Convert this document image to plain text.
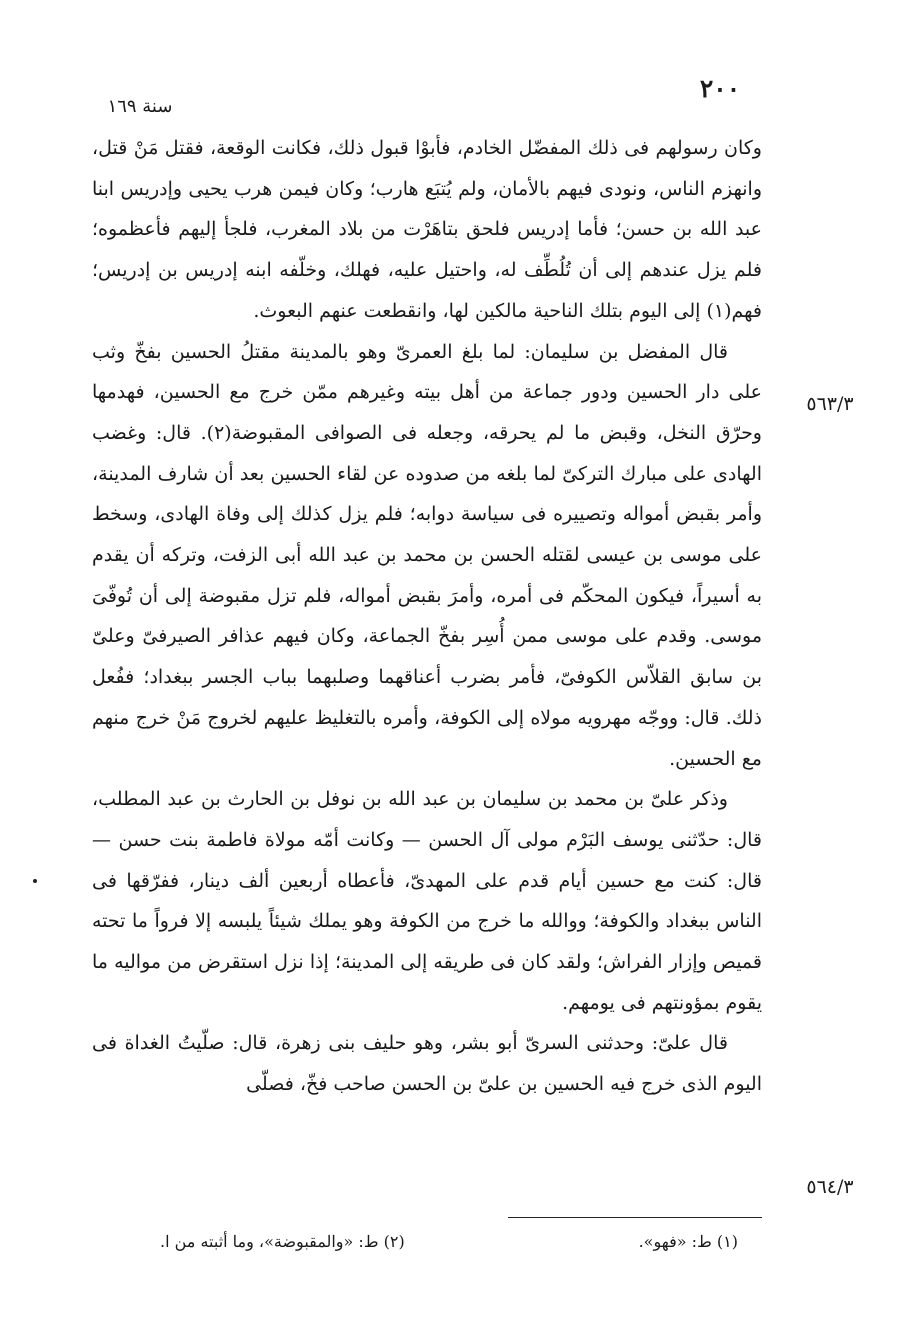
٢٠٠
سنة ١٦٩
٥٦٣/٣
٥٦٤/٣

وكان رسولهم فى ذلك المفضّل الخادم، فأبوْا قبول ذلك، فكانت الوقعة، فقتل مَنْ قتل، وانهزم الناس، ونودى فيهم بالأمان، ولم يُتبَع هارب؛ وكان فيمن هرب يحيى وإدريس ابنا عبد الله بن حسن؛ فأما إدريس فلحق بتاهَرْت من بلاد المغرب، فلجأ إليهم فأعظموه؛ فلم يزل عندهم إلى أن تُلُطِّف له، واحتيل عليه، فهلك، وخلّفه ابنه إدريس بن إدريس؛ فهم(١) إلى اليوم بتلك الناحية مالكين لها، وانقطعت عنهم البعوث.

قال المفضل بن سليمان: لما بلغ العمرىّ وهو بالمدينة مقتلُ الحسين بفخّ وثب على دار الحسين ودور جماعة من أهل بيته وغيرهم ممّن خرج مع الحسين، فهدمها وحرّق النخل، وقبض ما لم يحرقه، وجعله فى الصوافى المقبوضة(٢). قال: وغضب الهادى على مبارك التركىّ لما بلغه من صدوده عن لقاء الحسين بعد أن شارف المدينة، وأمر بقبض أمواله وتصييره فى سياسة دوابه؛ فلم يزل كذلك إلى وفاة الهادى، وسخط على موسى بن عيسى لقتله الحسن بن محمد بن عبد الله أبى الزفت، وتركه أن يقدم به أسيراً، فيكون المحكّم فى أمره، وأمرَ بقبض أمواله، فلم تزل مقبوضة إلى أن تُوفّىَ موسى. وقدم على موسى ممن أُسِر بفخّ الجماعة، وكان فيهم عذافر الصيرفىّ وعلىّ بن سابق القلاّس الكوفىّ، فأمر بضرب أعناقهما وصلبهما بباب الجسر ببغداد؛ ففُعل ذلك. قال: ووجّه مهرويه مولاه إلى الكوفة، وأمره بالتغليظ عليهم لخروج مَنْ خرج منهم مع الحسين.

وذكر علىّ بن محمد بن سليمان بن عبد الله بن نوفل بن الحارث بن عبد المطلب، قال: حدّثنى يوسف البَرْم مولى آل الحسن — وكانت أمّه مولاة فاطمة بنت حسن — قال: كنت مع حسين أيام قدم على المهدىّ، فأعطاه أربعين ألف دينار، ففرّقها فى الناس ببغداد والكوفة؛ ووالله ما خرج من الكوفة وهو يملك شيئاً يلبسه إلا فرواً ما تحته قميص وإزار الفراش؛ ولقد كان فى طريقه إلى المدينة؛ إذا نزل استقرض من مواليه ما يقوم بمؤونتهم فى يومهم.

قال علىّ: وحدثنى السرىّ أبو بشر، وهو حليف بنى زهرة، قال: صلّيتُ الغداة فى اليوم الذى خرج فيه الحسين بن علىّ بن الحسن صاحب فخّ، فصلّى

(١) ط: «فهو».
(٢) ط: «والمقبوضة»، وما أثبته من ا.
